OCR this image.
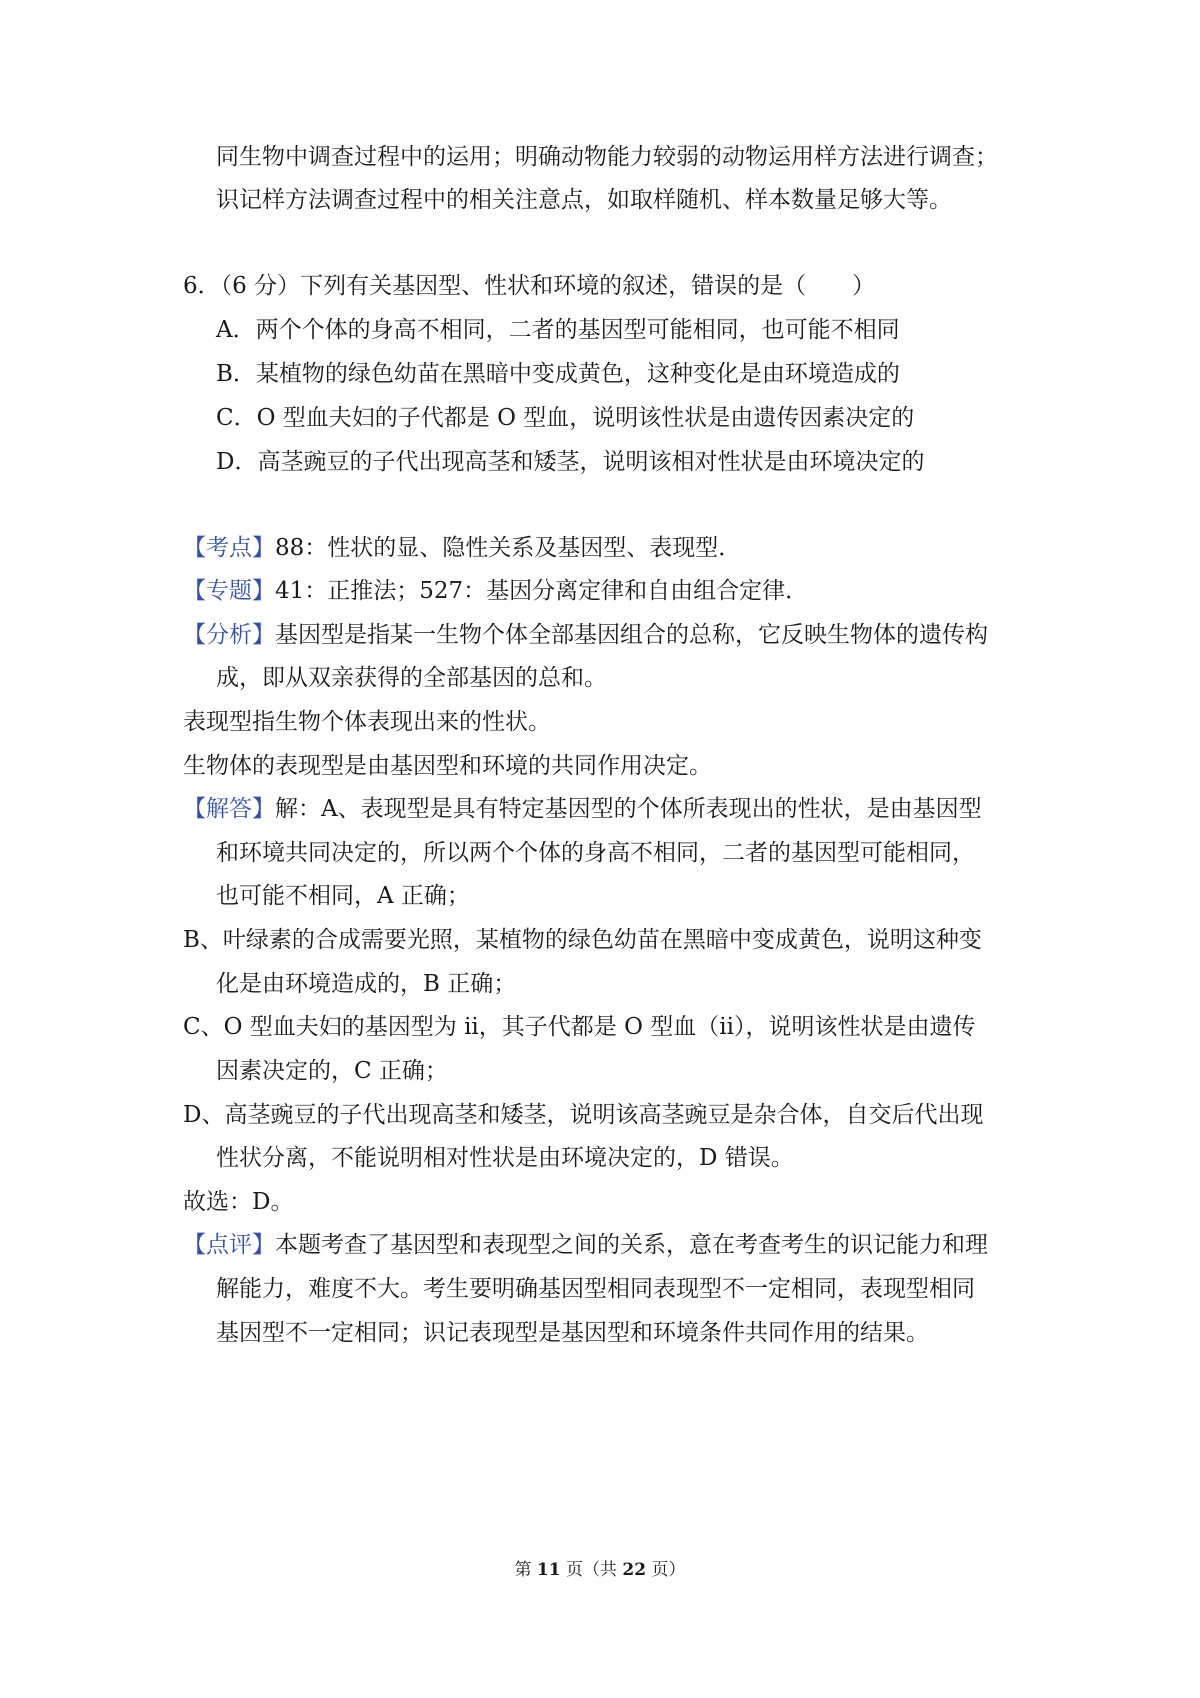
同生物中调查过程中的运用；明确动物能力较弱的动物运用样方法进行调查；
识记样方法调查过程中的相关注意点，如取样随机、样本数量足够大等。
6．（6 分）下列有关基因型、性状和环境的叙述，错误的是（　　）
A．两个个体的身高不相同，二者的基因型可能相同，也可能不相同
B．某植物的绿色幼苗在黑暗中变成黄色，这种变化是由环境造成的
C．O 型血夫妇的子代都是 O 型血，说明该性状是由遗传因素决定的
D．高茎豌豆的子代出现高茎和矮茎，说明该相对性状是由环境决定的
【考点】88：性状的显、隐性关系及基因型、表现型．
【专题】41：正推法；527：基因分离定律和自由组合定律．
【分析】基因型是指某一生物个体全部基因组合的总称，它反映生物体的遗传构
成，即从双亲获得的全部基因的总和。
表现型指生物个体表现出来的性状。
生物体的表现型是由基因型和环境的共同作用决定。
【解答】解：A、表现型是具有特定基因型的个体所表现出的性状，是由基因型
和环境共同决定的，所以两个个体的身高不相同，二者的基因型可能相同，
也可能不相同，A 正确；
B、叶绿素的合成需要光照，某植物的绿色幼苗在黑暗中变成黄色，说明这种变
化是由环境造成的，B 正确；
C、O 型血夫妇的基因型为 ii，其子代都是 O 型血（ii），说明该性状是由遗传
因素决定的，C 正确；
D、高茎豌豆的子代出现高茎和矮茎，说明该高茎豌豆是杂合体，自交后代出现
性状分离，不能说明相对性状是由环境决定的，D 错误。
故选：D。
【点评】本题考查了基因型和表现型之间的关系，意在考查考生的识记能力和理
解能力，难度不大。考生要明确基因型相同表现型不一定相同，表现型相同
基因型不一定相同；识记表现型是基因型和环境条件共同作用的结果。
第 11 页（共 22 页）
